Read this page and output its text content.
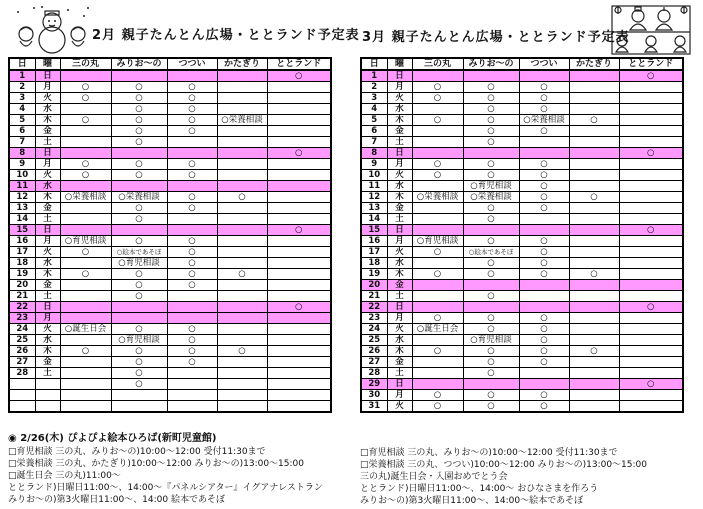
2月 親子たんとん広場・ととランド予定表 3月 親子たんとん広場・ととランド予定表
日	曜	三の丸	みりお～の	つつい	かたぎり	ととランド
1	日					○
2	月	○	○	○		
3	火	○	○	○		
4	水		○	○		
5	木	○	○	○	○栄養相談	
6	金		○	○		
7	土		○			
8	日					○
9	月	○	○	○		
10	火	○	○	○		
11	水					
12	木	○栄養相談	○栄養相談	○	○	
13	金		○	○		
14	土		○			
15	日					○
16	月	○育児相談	○	○		
17	火	○	○絵本であそぼ	○		
18	水		○育児相談	○		
19	木	○	○	○	○	
20	金		○	○		
21	土		○			
22	日					○
23	月					
24	火	○誕生日会	○	○		
25	水		○育児相談	○		
26	木	○	○	○	○	
27	金		○	○		
28	土		○			
			○			

日	曜	三の丸	みりお～の	つつい	かたぎり	ととランド
1	日					○
2	月	○	○	○		
3	火	○	○	○		
4	水		○	○		
5	木	○	○	○栄養相談	○	
6	金		○	○		
7	土		○			
8	日					○
9	月	○	○	○		
10	火	○	○	○		
11	水		○育児相談	○		
12	木	○栄養相談	○栄養相談	○	○	
13	金		○	○		
14	土		○			
15	日					○
16	月	○育児相談	○	○		
17	火	○	○絵本であそぼ	○		
18	水		○	○		
19	木	○	○	○	○	
20	金					
21	土		○			
22	日					○
23	月	○	○	○		
24	火	○誕生日会	○	○		
25	水		○育児相談	○		
26	木	○	○	○	○	
27	金		○	○		
28	土		○			
29	日					○
30	月	○	○	○		
31	火	○	○	○		
◉ 2/26(木) ぴよぴよ絵本ひろば(新町児童館)
□育児相談 三の丸、みりお～の)10:00～12:00 受付11:30まで
□栄養相談 三の丸、かたぎり)10:00～12:00 みりお～の)13:00～15:00
□誕生日会 三の丸)11:00～
ととランド)日曜日11:00～、14:00～『パネルシアター』イグアナレストラン
みりお～の)第3火曜日11:00～、14:00 絵本であそぼ
□育児相談 三の丸、みりお～の)10:00～12:00 受付11:30まで
□栄養相談 三の丸、つつい)10:00～12:00 みりお～の)13:00～15:00
三の丸)誕生日会・入園おめでとう会
ととランド)日曜日11:00～、14:00～ おひなさまを作ろう
みりお～の)第3火曜日11:00～、14:00～絵本であそぼ
